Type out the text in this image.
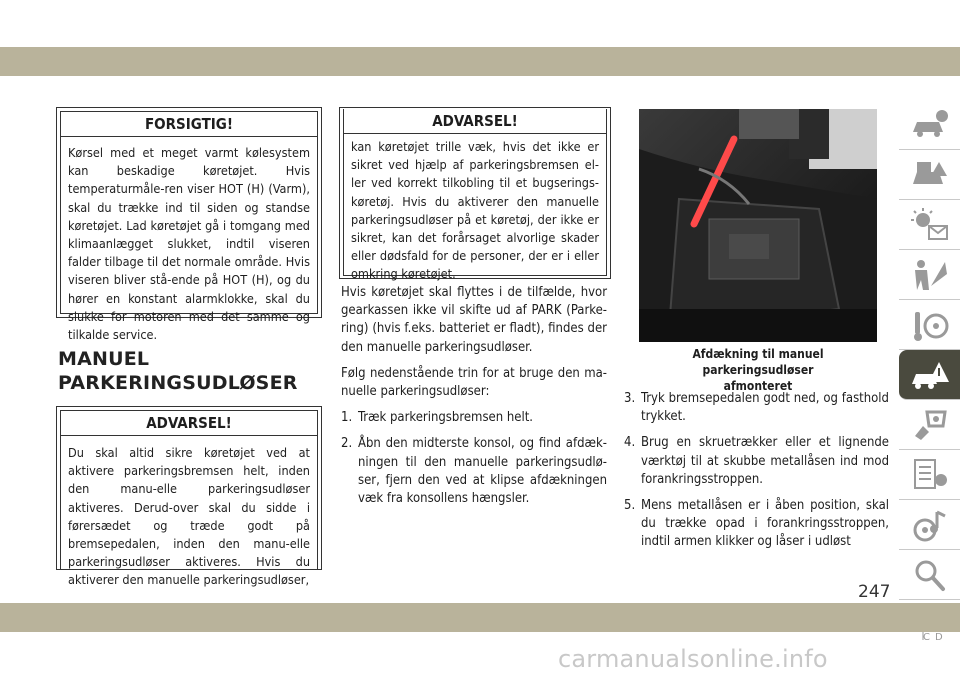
FORSIGTIG!
Kørsel med et meget varmt kølesystem kan beskadige køretøjet. Hvis temperaturmåle-ren viser HOT (H) (Varm), skal du trække ind til siden og standse køretøjet. Lad køretøjet gå i tomgang med klimaanlægget slukket, indtil viseren falder tilbage til det normale område. Hvis viseren bliver stå-ende på HOT (H), og du hører en konstant alarmklokke, skal du slukke for motoren med det samme og tilkalde service.
MANUEL
PARKERINGSUDLØSER
ADVARSEL!
Du skal altid sikre køretøjet ved at aktivere parkeringsbremsen helt, inden den manu-elle parkeringsudløser aktiveres. Derud-over skal du sidde i førersædet og træde godt på bremsepedalen, inden den manu-elle parkeringsudløser aktiveres. Hvis du aktiverer den manuelle parkeringsudløser,
ADVARSEL!
kan køretøjet trille væk, hvis det ikke er sikret ved hjælp af parkeringsbremsen el-ler ved korrekt tilkobling til et bugserings-køretøj. Hvis du aktiverer den manuelle parkeringsudløser på et køretøj, der ikke er sikret, kan det forårsaget alvorlige skader eller dødsfald for de personer, der er i eller omkring køretøjet.

Hvis køretøjet skal flyttes i de tilfælde, hvor gearkassen ikke vil skifte ud af PARK (Parke-ring) (hvis f.eks. batteriet er fladt), findes der den manuelle parkeringsudløser.

Følg nedenstående trin for at bruge den ma-nuelle parkeringsudløser:

1. Træk parkeringsbremsen helt.
2. Åbn den midterste konsol, og find afdæk-ningen til den manuelle parkeringsudlø-ser, fjern den ved at klipse afdækningen væk fra konsollens hængsler.
Afdækning til manuel parkeringsudløser
afmonteret
3. Tryk bremsepedalen godt ned, og fasthold trykket.
4. Brug en skruetrækker eller et lignende værktøj til at skubbe metallåsen ind mod forankringsstroppen.
5. Mens metallåsen er i åben position, skal du trække opad i forankringsstroppen, indtil armen klikker og låser i udløst
C D
247
carmanualsonline.info
